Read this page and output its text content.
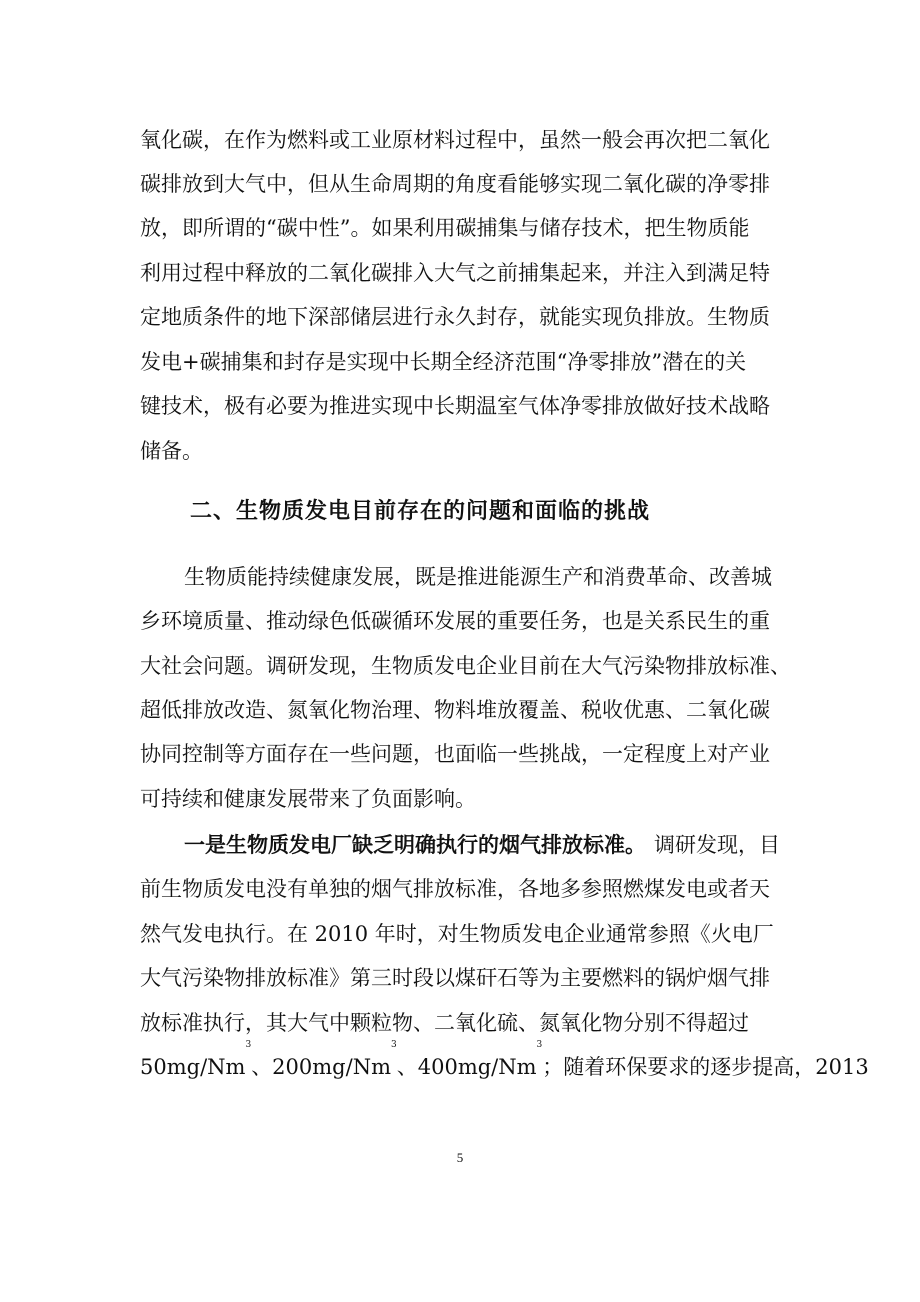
氧化碳，在作为燃料或工业原材料过程中，虽然一般会再次把二氧化
碳排放到大气中，但从生命周期的角度看能够实现二氧化碳的净零排
放，即所谓的“碳中性”。如果利用碳捕集与储存技术，把生物质能
利用过程中释放的二氧化碳排入大气之前捕集起来，并注入到满足特
定地质条件的地下深部储层进行永久封存，就能实现负排放。生物质
发电+碳捕集和封存是实现中长期全经济范围“净零排放”潜在的关
键技术，极有必要为推进实现中长期温室气体净零排放做好技术战略
储备。
二、生物质发电目前存在的问题和面临的挑战
生物质能持续健康发展，既是推进能源生产和消费革命、改善城
乡环境质量、推动绿色低碳循环发展的重要任务，也是关系民生的重
大社会问题。调研发现，生物质发电企业目前在大气污染物排放标准、
超低排放改造、氮氧化物治理、物料堆放覆盖、税收优惠、二氧化碳
协同控制等方面存在一些问题，也面临一些挑战，一定程度上对产业
可持续和健康发展带来了负面影响。
一是生物质发电厂缺乏明确执行的烟气排放标准。 调研发现，目
前生物质发电没有单独的烟气排放标准，各地多参照燃煤发电或者天
然气发电执行。在 2010 年时，对生物质发电企业通常参照《火电厂
大气污染物排放标准》第三时段以煤矸石等为主要燃料的锅炉烟气排
放标准执行，其大气中颗粒物、二氧化硫、氮氧化物分别不得超过
50mg/Nm
3
、200mg/Nm
3
、400mg/Nm
3
；随着环保要求的逐步提高，2013
5
